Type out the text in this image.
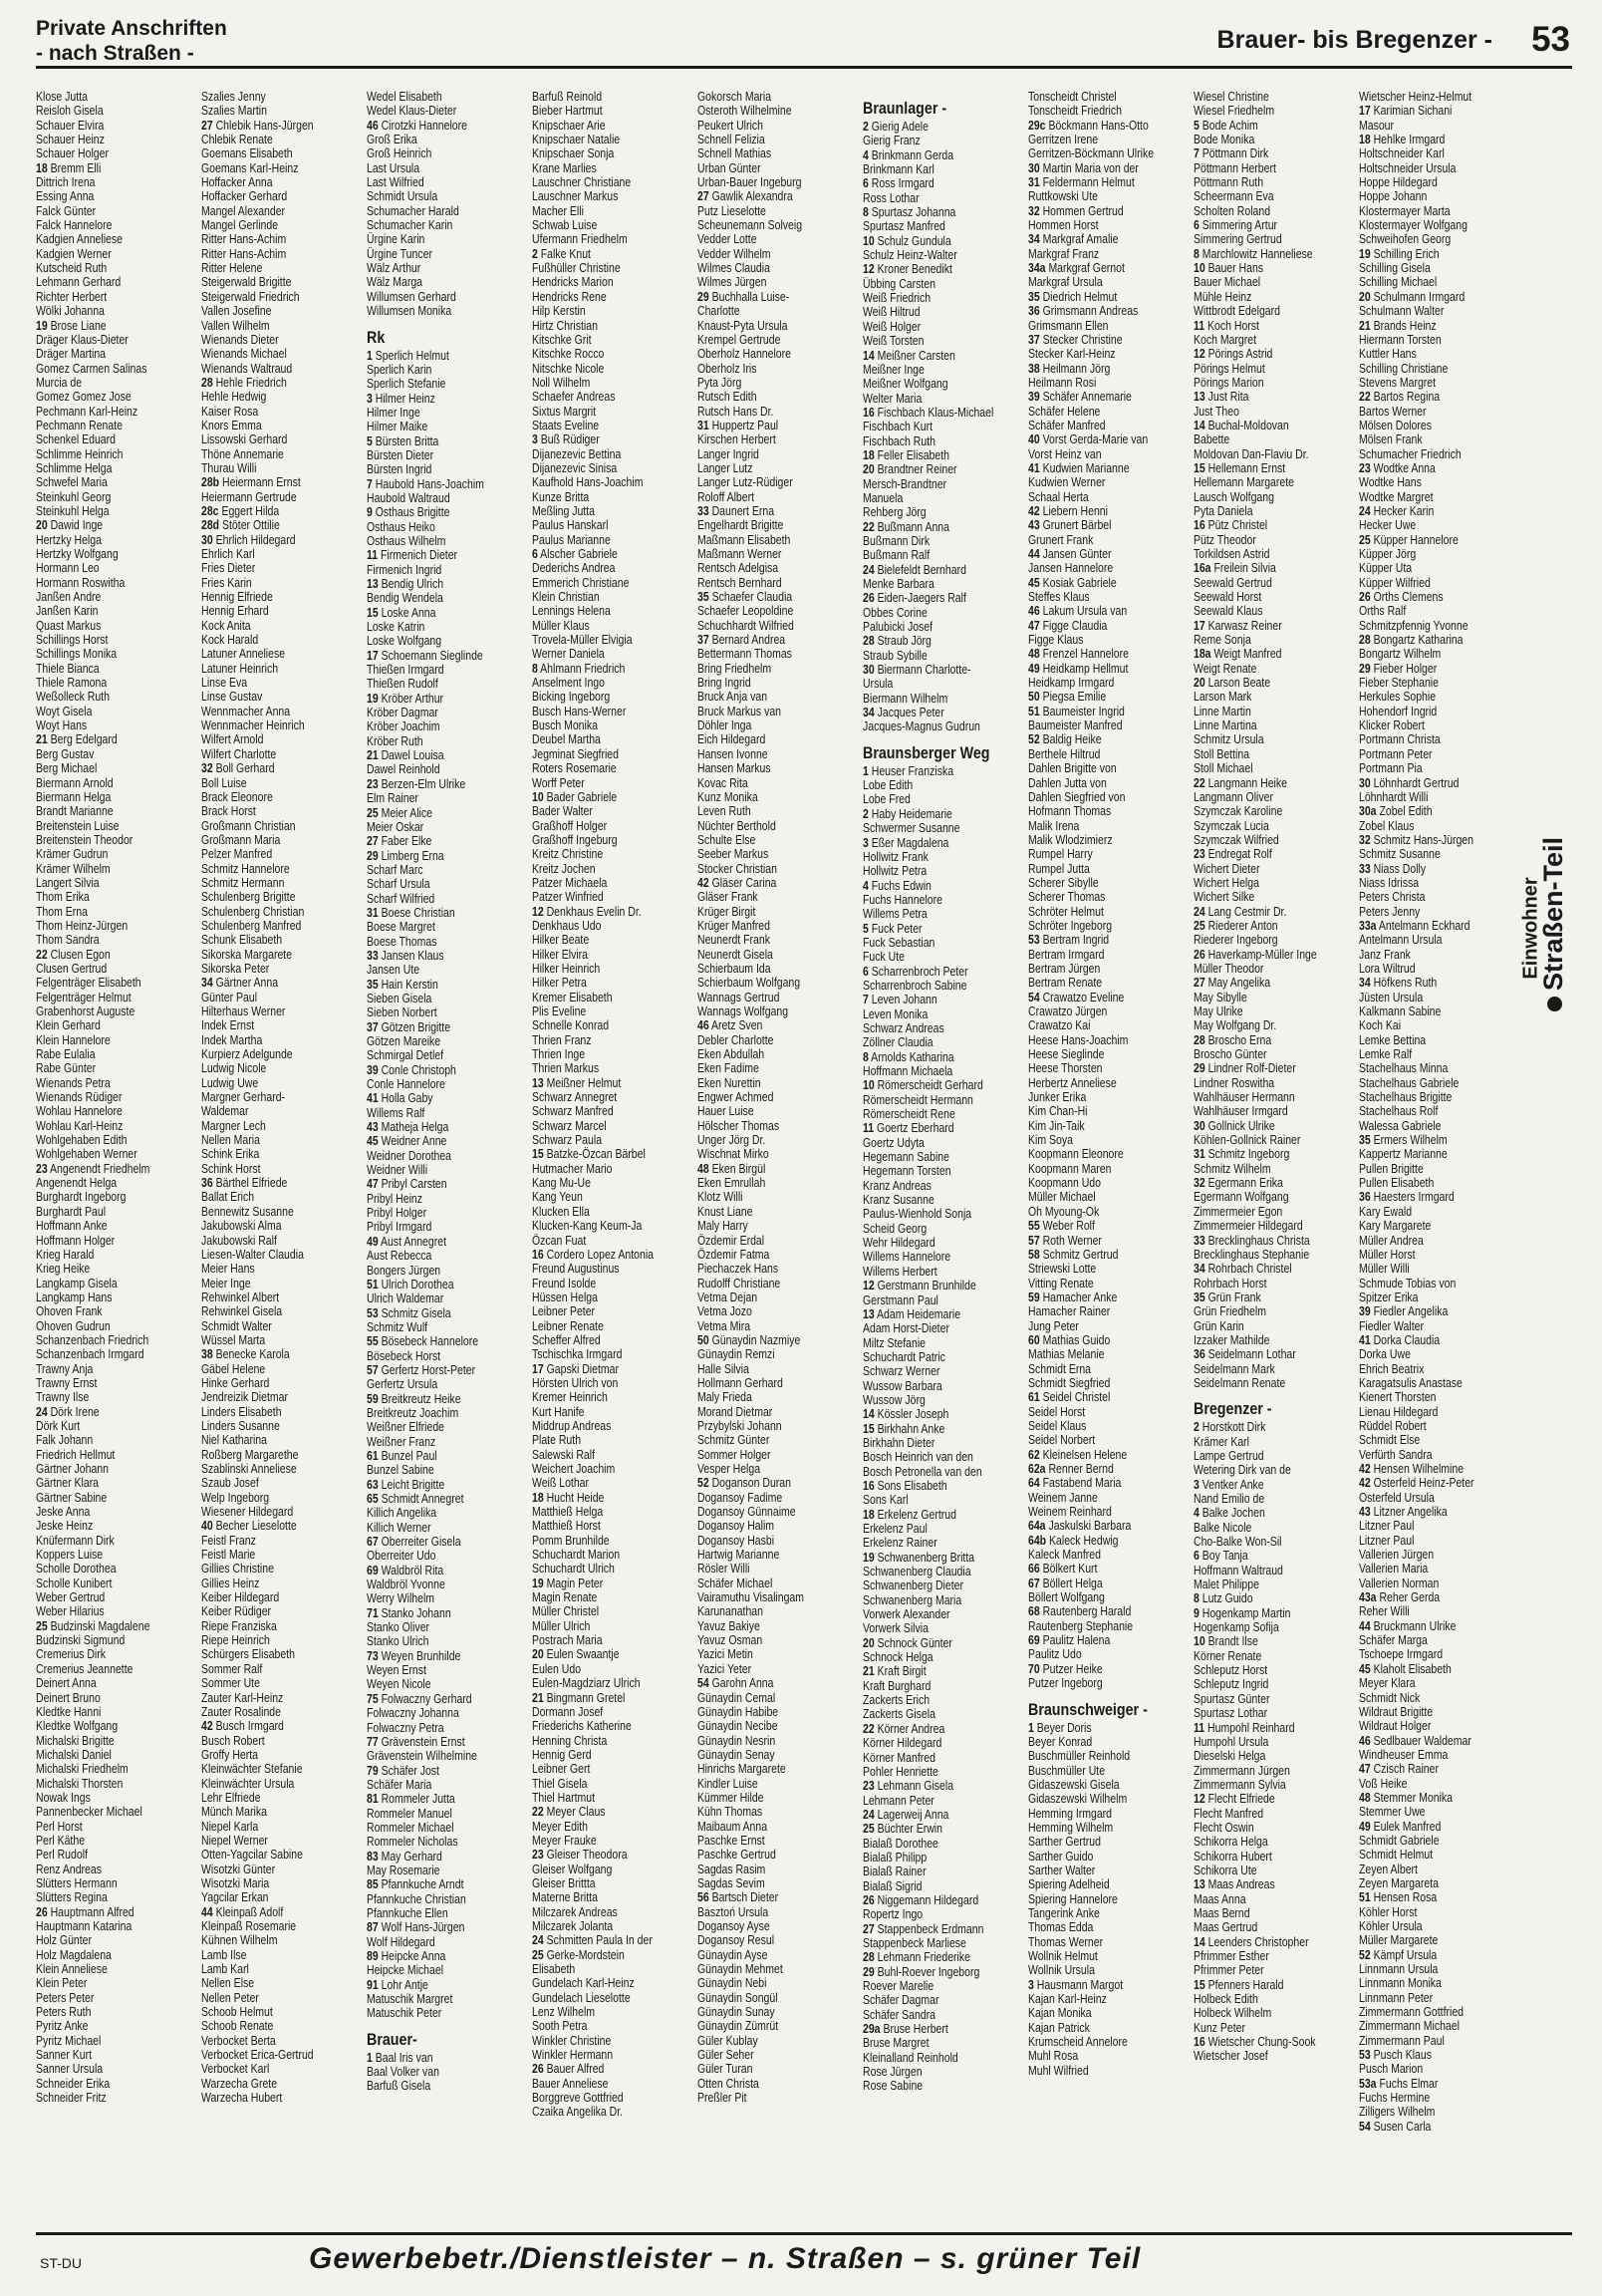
Private Anschriften
- nach Straßen -	Brauer- bis Bregenzer - 53
Klose Jutta
Reisloh Gisela
Schauer Elvira
Schauer Heinz
Schauer Holger
18 Bremm Elli
Dittrich Irena
Essing Anna
Falck Günter
Falck Hannelore
Kadgien Anneliese
Kadgien Werner
Kutscheid Ruth
Lehmann Gerhard
Richter Herbert
Wölki Johanna
19 Brose Liane
Dräger Klaus-Dieter
Dräger Martina
Gomez Carmen Salinas
Murcia de
Gomez Gomez Jose
Pechmann Karl-Heinz
Pechmann Renate
Schenkel Eduard
Schlimme Heinrich
Schlimme Helga
Schwefel Maria
Steinkuhl Georg
Steinkuhl Helga
20 Dawid Inge
Hertzky Helga
Hertzky Wolfgang
Hormann Leo
Hormann Roswitha
Janßen Andre
Janßen Karin
Quast Markus
Schillings Horst
Schillings Monika
Thiele Bianca
Thiele Ramona
Weßolleck Ruth
Woyt Gisela
Woyt Hans
21 Berg Edelgard
Berg Gustav
Berg Michael
Biermann Arnold
Biermann Helga
Brandt Marianne
Breitenstein Luise
Breitenstein Theodor
Krämer Gudrun
Krämer Wilhelm
Langert Silvia
Thom Erika
Thom Erna
Thom Heinz-Jürgen
Thom Sandra
22 Clusen Egon
Clusen Gertrud
Felgenträger Elisabeth
Felgenträger Helmut
Grabenhorst Auguste
Klein Gerhard
Klein Hannelore
Rabe Eulalia
Rabe Günter
Wienands Petra
Wienands Rüdiger
Wohlau Hannelore
Wohlau Karl-Heinz
Wohlgehaben Edith
Wohlgehaben Werner
23 Angenendt Friedhelm
Angenendt Helga
Burghardt Ingeborg
Burghardt Paul
Hoffmann Anke
Hoffmann Holger
Krieg Harald
Krieg Heike
Langkamp Gisela
Langkamp Hans
Ohoven Frank
Ohoven Gudrun
Schanzenbach Friedrich
Schanzenbach Irmgard
Trawny Anja
Trawny Ernst
Trawny Ilse
24 Dörk Irene
Dörk Kurt
Falk Johann
Friedrich Hellmut
Gärtner Johann
Gärtner Klara
Gärtner Sabine
Jeske Anna
Jeske Heinz
Knüfermann Dirk
Koppers Luise
Scholle Dorothea
Scholle Kunibert
Weber Gertrud
Weber Hilarius
25 Budzinski Magdalene
Budzinski Sigmund
Cremerius Dirk
Cremerius Jeannette
Deinert Anna
Deinert Bruno
Kledtke Hanni
Kledtke Wolfgang
Michalski Brigitte
Michalski Daniel
Michalski Friedhelm
Michalski Thorsten
Nowak Ings
Pannenbecker Michael
Perl Horst
Perl Käthe
Perl Rudolf
Renz Andreas
Slütters Hermann
Slütters Regina
26 Hauptmann Alfred
Hauptmann Katarina
Holz Günter
Holz Magdalena
Klein Anneliese
Klein Peter
Peters Peter
Peters Ruth
Pyritz Anke
Pyritz Michael
Sanner Kurt
Sanner Ursula
Schneider Erika
Schneider Fritz
Szalies Jenny
Szalies Martin
27 Chlebik Hans-Jürgen
Chlebik Renate
Goemans Elisabeth
Goemans Karl-Heinz
Hoffacker Anna
Hoffacker Gerhard
Mangel Alexander
Mangel Gerlinde
Ritter Hans-Achim
Ritter Hans-Achim
Ritter Helene
Steigerwald Brigitte
Steigerwald Friedrich
Vallen Josefine
Vallen Wilhelm
Wienands Dieter
Wienands Michael
Wienands Waltraud
28 Hehle Friedrich
Hehle Hedwig
Kaiser Rosa
Knors Emma
Lissowski Gerhard
Thöne Annemarie
Thurau Willi
28b Heiermann Ernst
Heiermann Gertrude
28c Eggert Hilda
28d Stöter Ottilie
30 Ehrlich Hildegard
Ehrlich Karl
Fries Dieter
Fries Karin
Hennig Elfriede
Hennig Erhard
Kock Anita
Kock Harald
Latuner Anneliese
Latuner Heinrich
Linse Eva
Linse Gustav
Wennmacher Anna
Wennmacher Heinrich
Wilfert Arnold
Wilfert Charlotte
32 Boll Gerhard
Boll Luise
Brack Eleonore
Brack Horst
Großmann Christian
Großmann Maria
Pelzer Manfred
Schmitz Hannelore
Schmitz Hermann
Schulenberg Brigitte
Schulenberg Christian
Schulenberg Manfred
Schunk Elisabeth
Sikorska Margarete
Sikorska Peter
34 Gärtner Anna
Günter Paul
Hilterhaus Werner
Indek Ernst
Indek Martha
Kurpierz Adelgunde
Ludwig Nicole
Ludwig Uwe
Margner Gerhard-
Waldemar
Margner Lech
Nellen Maria
Schink Erika
Schink Horst
36 Bärthel Elfriede
Ballat Erich
Bennewitz Susanne
Jakubowski Alma
Jakubowski Ralf
Liesen-Walter Claudia
Meier Hans
Meier Inge
Rehwinkel Albert
Rehwinkel Gisela
Schmidt Walter
Wüssel Marta
38 Benecke Karola
Gäbel Helene
Hinke Gerhard
Jendreizik Dietmar
Linders Elisabeth
Linders Susanne
Niel Katharina
Roßberg Margarethe
Szablinski Anneliese
Szaub Josef
Welp Ingeborg
Wiesener Hildegard
40 Becher Lieselotte
Feistl Franz
Feistl Marie
Gillies Christine
Gillies Heinz
Keiber Hildegard
Keiber Rüdiger
Riepe Franziska
Riepe Heinrich
Schürgers Elisabeth
Sommer Ralf
Sommer Ute
Zauter Karl-Heinz
Zauter Rosalinde
42 Busch Irmgard
Busch Robert
Groffy Herta
Kleinwächter Stefanie
Kleinwächter Ursula
Lehr Elfriede
Münch Marika
Niepel Karla
Niepel Werner
Otten-Yagcilar Sabine
Wisotzki Günter
Wisotzki Maria
Yagcilar Erkan
44 Kleinpaß Adolf
Kleinpaß Rosemarie
Kühnen Wilhelm
Lamb Ilse
Lamb Karl
Nellen Else
Nellen Peter
Schoob Helmut
Schoob Renate
Verbocket Berta
Verbocket Erica-Gertrud
Verbocket Karl
Warzecha Grete
Warzecha Hubert
Wedel Elisabeth
Wedel Klaus-Dieter
46 Cirotzki Hannelore
Groß Erika
Groß Heinrich
Last Ursula
Last Wilfried
Schmidt Ursula
Schumacher Harald
Schumacher Karin
Ürgine Karin
Ürgine Tuncer
Wälz Arthur
Wälz Marga
Willumsen Gerhard
Willumsen Monika
Rk
1 Sperlich Helmut
Sperlich Karin
Sperlich Stefanie
3 Hilmer Heinz
Hilmer Inge
Hilmer Maike
5 Bürsten Britta
Bürsten Dieter
Bürsten Ingrid
7 Haubold Hans-Joachim
Haubold Waltraud
9 Osthaus Brigitte
Osthaus Heiko
Osthaus Wilhelm
11 Firmenich Dieter
Firmenich Ingrid
13 Bendig Ulrich
Bendig Wendela
15 Loske Anna
Loske Katrin
Loske Wolfgang
17 Schoemann Sieglinde
Thießen Irmgard
Thießen Rudolf
19 Kröber Arthur
Kröber Dagmar
Kröber Joachim
Kröber Ruth
21 Dawel Louisa
Dawel Reinhold
23 Berzen-Elm Ulrike
Elm Rainer
25 Meier Alice
Meier Oskar
27 Faber Elke
29 Limberg Erna
Scharf Marc
Scharf Ursula
Scharf Wilfried
31 Boese Christian
Boese Margret
Boese Thomas
33 Jansen Klaus
Jansen Ute
35 Hain Kerstin
Sieben Gisela
Sieben Norbert
37 Götzen Brigitte
Götzen Mareike
Schmirgal Detlef
39 Conle Christoph
Conle Hannelore
41 Holla Gaby
Willems Ralf
43 Matheja Helga
45 Weidner Anne
Weidner Dorothea
Weidner Willi
47 Pribyl Carsten
Pribyl Heinz
Pribyl Holger
Pribyl Irmgard
49 Aust Annegret
Aust Rebecca
Bongers Jürgen
51 Ulrich Dorothea
Ulrich Waldemar
53 Schmitz Gisela
Schmitz Wulf
55 Bösebeck Hannelore
Bösebeck Horst
57 Gerfertz Horst-Peter
Gerfertz Ursula
59 Breitkreutz Heike
Breitkreutz Joachim
Weißner Elfriede
Weißner Franz
61 Bunzel Paul
Bunzel Sabine
63 Leicht Brigitte
65 Schmidt Annegret
Killich Angelika
Killich Werner
67 Oberreiter Gisela
Oberreiter Udo
69 Waldbröl Rita
Waldbröl Yvonne
Werry Wilhelm
71 Stanko Johann
Stanko Oliver
Stanko Ulrich
73 Weyen Brunhilde
Weyen Ernst
Weyen Nicole
75 Folwaczny Gerhard
Folwaczny Johanna
Folwaczny Petra
77 Grävenstein Ernst
Grävenstein Wilhelmine
79 Schäfer Jost
Schäfer Maria
81 Rommeler Jutta
Rommeler Manuel
Rommeler Michael
Rommeler Nicholas
83 May Gerhard
May Rosemarie
85 Pfannkuche Arndt
Pfannkuche Christian
Pfannkuche Ellen
87 Wolf Hans-Jürgen
Wolf Hildegard
89 Heipcke Anna
Heipcke Michael
91 Lohr Antje
Matuschik Margret
Matuschik Peter
Brauer-
1 Baal Iris van
Baal Volker van
Barfuß Gisela
Barfuß Reinold
Bieber Hartmut
Knipschaer Arie
Knipschaer Natalie
Knipschaer Sonja
Krane Marlies
Lauschner Christiane
Lauschner Markus
Macher Elli
Schwab Luise
Ufermann Friedhelm
2 Falke Knut
Fußhüller Christine
Hendricks Marion
Hendricks Rene
Hilp Kerstin
Hirtz Christian
Kitschke Grit
Kitschke Rocco
Nitschke Nicole
Noll Wilhelm
Schaefer Andreas
Sixtus Margrit
Staats Eveline
3 Buß Rüdiger
Dijanezevic Bettina
Dijanezevic Sinisa
Kaufhold Hans-Joachim
Kunze Britta
Meßling Jutta
Paulus Hanskarl
Paulus Marianne
6 Alscher Gabriele
Dederichs Andrea
Emmerich Christiane
Klein Christian
Lennings Helena
Müller Klaus
Trovela-Müller Elvigia
Werner Daniela
8 Ahlmann Friedrich
Anselment Ingo
Bicking Ingeborg
Busch Hans-Werner
Busch Monika
Deubel Martha
Jegminat Siegfried
Roters Rosemarie
Worff Peter
10 Bader Gabriele
Bader Walter
Graßhoff Holger
Graßhoff Ingeburg
Kreitz Christine
Kreitz Jochen
Patzer Michaela
Patzer Winfried
12 Denkhaus Evelin Dr.
Denkhaus Udo
Hilker Beate
Hilker Elvira
Hilker Heinrich
Hilker Petra
Kremer Elisabeth
Plis Eveline
Schnelle Konrad
Thrien Franz
Thrien Inge
Thrien Markus
13 Meißner Helmut
Schwarz Annegret
Schwarz Manfred
Schwarz Marcel
Schwarz Paula
15 Batzke-Özcan Bärbel
Hutmacher Mario
Kang Mu-Ue
Kang Yeun
Klucken Ella
Klucken-Kang Keum-Ja
Özcan Fuat
16 Cordero Lopez Antonia
Freund Augustinus
Freund Isolde
Hüssen Helga
Leibner Peter
Leibner Renate
Scheffer Alfred
Tschischka Irmgard
17 Gapski Dietmar
Hörsten Ulrich von
Kremer Heinrich
Kurt Hanife
Middrup Andreas
Plate Ruth
Salewski Ralf
Weichert Joachim
Weiß Lothar
18 Hucht Heide
Matthieß Helga
Matthieß Horst
Pomm Brunhilde
Schuchardt Marion
Schuchardt Ulrich
19 Magin Peter
Magin Renate
Müller Christel
Müller Ulrich
Postrach Maria
20 Eulen Swaantje
Eulen Udo
Eulen-Magdziarz Ulrich
21 Bingmann Gretel
Dormann Josef
Friederichs Katherine
Henning Christa
Hennig Gerd
Leibner Gert
Thiel Gisela
Thiel Hartmut
22 Meyer Claus
Meyer Edith
Meyer Frauke
23 Gleiser Theodora
Gleiser Wolfgang
Gleiser Brittta
Materne Britta
Milczarek Andreas
Milczarek Jolanta
24 Schmitten Paula In der
25 Gerke-Mordstein
Elisabeth
Gundelach Karl-Heinz
Gundelach Lieselotte
Lenz Wilhelm
Sooth Petra
Winkler Christine
Winkler Hermann
26 Bauer Alfred
Bauer Anneliese
Borggreve Gottfried
Czaika Angelika Dr.
Gokorsch Maria
Osteroth Wilhelmine
Peukert Ulrich
Schnell Felizia
Schnell Mathias
Urban Günter
Urban-Bauer Ingeburg
27 Gawlik Alexandra
Putz Lieselotte
Scheunemann Solveig
Vedder Lotte
Vedder Wilhelm
Wilmes Claudia
Wilmes Jürgen
29 Buchhalla Luise-
Charlotte
Knaust-Pyta Ursula
Krempel Gertrude
Oberholz Hannelore
Oberholz Iris
Pyta Jörg
Rutsch Edith
Rutsch Hans Dr.
31 Huppertz Paul
Kirschen Herbert
Langer Ingrid
Langer Lutz
Langer Lutz-Rüdiger
Roloff Albert
33 Daunert Erna
Engelhardt Brigitte
Maßmann Elisabeth
Maßmann Werner
Rentsch Adelgisa
Rentsch Bernhard
35 Schaefer Claudia
Schaefer Leopoldine
Schuchhardt Wilfried
37 Bernard Andrea
Bettermann Thomas
Bring Friedhelm
Bring Ingrid
Bruck Anja van
Bruck Markus van
Döhler Inga
Eich Hildegard
Hansen Ivonne
Hansen Markus
Kovac Rita
Kunz Monika
Leven Ruth
Nüchter Berthold
Schulte Else
Seeber Markus
Stocker Christian
42 Gläser Carina
Gläser Frank
Krüger Birgit
Krüger Manfred
Neunerdt Frank
Neunerdt Gisela
Schierbaum Ida
Schierbaum Wolfgang
Wannags Gertrud
Wannags Wolfgang
46 Aretz Sven
Debler Charlotte
Eken Abdullah
Eken Fadime
Eken Nurettin
Engwer Achmed
Hauer Luise
Hölscher Thomas
Unger Jörg Dr.
Wischnat Mirko
48 Eken Birgül
Eken Emrullah
Klotz Willi
Knust Liane
Maly Harry
Özdemir Erdal
Özdemir Fatma
Piechaczek Hans
Rudolff Christiane
Vetma Dejan
Vetma Jozo
Vetma Mira
50 Günaydin Nazmiye
Günaydin Remzi
Halle Silvia
Hollmann Gerhard
Maly Frieda
Morand Dietmar
Przybylski Johann
Schmitz Günter
Sommer Holger
Vesper Helga
52 Doganson Duran
Dogansoy Fadime
Dogansoy Günnaime
Dogansoy Halim
Dogansoy Hasbi
Hartwig Marianne
Rösler Willi
Schäfer Michael
Vairamuthu Visalingam
Karunanathan
Yavuz Bakiye
Yavuz Osman
Yazici Metin
Yazici Yeter
54 Garohn Anna
Günaydin Cemal
Günaydin Habibe
Günaydin Necibe
Günaydin Nesrin
Günaydin Senay
Hinrichs Margarete
Kindler Luise
Kümmer Hilde
Kühn Thomas
Maibaum Anna
Paschke Ernst
Paschke Gertrud
Sagdas Rasim
Sagdas Sevim
56 Bartsch Dieter
Basztoń Ursula
Dogansoy Ayse
Dogansoy Resul
Günaydin Ayse
Günaydin Mehmet
Günaydin Nebi
Günaydin Songül
Günaydin Sunay
Günaydin Zümrüt
Güler Kublay
Güler Seher
Güler Turan
Otten Christa
Preßler Pit
Braunlager -
2 Gierig Adele
Gierig Franz
4 Brinkmann Gerda
Brinkmann Karl
6 Ross Irmgard
Ross Lothar
8 Spurtasz Johanna
Spurtasz Manfred
10 Schulz Gundula
Schulz Heinz-Walter
12 Kroner Benedikt
Übbing Carsten
Weiß Friedrich
Weiß Hiltrud
Weiß Holger
Weiß Torsten
14 Meißner Carsten
Meißner Inge
Meißner Wolfgang
Welter Maria
16 Fischbach Klaus-Michael
Fischbach Kurt
Fischbach Ruth
18 Feller Elisabeth
20 Brandtner Reiner
Mersch-Brandtner
Manuela
Rehberg Jörg
22 Bußmann Anna
Bußmann Dirk
Bußmann Ralf
24 Bielefeldt Bernhard
Menke Barbara
26 Eiden-Jaegers Ralf
Obbes Corine
Palubicki Josef
28 Straub Jörg
Straub Sybille
30 Biermann Charlotte-
Ursula
Biermann Wilhelm
34 Jacques Peter
Jacques-Magnus Gudrun
Braunsberger Weg
1 Heuser Franziska
Lobe Edith
Lobe Fred
2 Haby Heidemarie
Schwermer Susanne
3 Eßer Magdalena
Hollwitz Frank
Hollwitz Petra
4 Fuchs Edwin
Fuchs Hannelore
Willems Petra
5 Fuck Peter
Fuck Sebastian
Fuck Ute
6 Scharrenbroch Peter
Scharrenbroch Sabine
7 Leven Johann
Leven Monika
Schwarz Andreas
Zöllner Claudia
8 Arnolds Katharina
Hoffmann Michaela
10 Römerscheidt Gerhard
Römerscheidt Hermann
Römerscheidt Rene
11 Goertz Eberhard
Goertz Udyta
Hegemann Sabine
Hegemann Torsten
Kranz Andreas
Kranz Susanne
Paulus-Wienhold Sonja
Scheid Georg
Wehr Hildegard
Willems Hannelore
Willems Herbert
12 Gerstmann Brunhilde
Gerstmann Paul
13 Adam Heidemarie
Adam Horst-Dieter
Miltz Stefanie
Schuchardt Patric
Schwarz Werner
Wussow Barbara
Wussow Jörg
14 Kössler Joseph
15 Birkhahn Anke
Birkhahn Dieter
Bosch Heinrich van den
Bosch Petronella van den
16 Sons Elisabeth
Sons Karl
18 Erkelenz Gertrud
Erkelenz Paul
Erkelenz Rainer
19 Schwanenberg Britta
Schwanenberg Claudia
Schwanenberg Dieter
Schwanenberg Maria
Vorwerk Alexander
Vorwerk Silvia
20 Schnock Günter
Schnock Helga
21 Kraft Birgit
Kraft Burghard
Zackerts Erich
Zackerts Gisela
22 Körner Andrea
Körner Hildegard
Körner Manfred
Pohler Henriette
23 Lehmann Gisela
Lehmann Peter
24 Lagerweij Anna
25 Büchter Erwin
Bialaß Dorothee
Bialaß Philipp
Bialaß Rainer
Bialaß Sigrid
26 Niggemann Hildegard
Ropertz Ingo
27 Stappenbeck Erdmann
Stappenbeck Marliese
28 Lehmann Friederike
29 Buhl-Roever Ingeborg
Roever Marelie
Schäfer Dagmar
Schäfer Sandra
29a Bruse Herbert
Bruse Margret
Kleinalland Reinhold
Rose Jürgen
Rose Sabine
Tonscheidt Christel
Tonscheidt Friedrich
29c Böckmann Hans-Otto
Gerritzen Irene
Gerritzen-Böckmann Ulrike
30 Martin Maria von der
31 Feldermann Helmut
Ruttkowski Ute
32 Hommen Gertrud
Hommen Horst
34 Markgraf Amalie
Markgraf Franz
34a Markgraf Gernot
Markgraf Ursula
35 Diedrich Helmut
36 Grimsmann Andreas
Grimsmann Ellen
37 Stecker Christine
Stecker Karl-Heinz
38 Heilmann Jörg
Heilmann Rosi
39 Schäfer Annemarie
Schäfer Helene
Schäfer Manfred
40 Vorst Gerda-Marie van
Vorst Heinz van
41 Kudwien Marianne
Kudwien Werner
Schaal Herta
42 Liebern Henni
43 Grunert Bärbel
Grunert Frank
44 Jansen Günter
Jansen Hannelore
45 Kosiak Gabriele
Steffes Klaus
46 Lakum Ursula van
47 Figge Claudia
Figge Klaus
48 Frenzel Hannelore
49 Heidkamp Hellmut
Heidkamp Irmgard
50 Piegsa Emilie
51 Baumeister Ingrid
Baumeister Manfred
52 Baldig Heike
Berthele Hiltrud
Dahlen Brigitte von
Dahlen Jutta von
Dahlen Siegfried von
Hofmann Thomas
Malik Irena
Malik Wlodzimierz
Rumpel Harry
Rumpel Jutta
Scherer Sibylle
Scherer Thomas
Schröter Helmut
Schröter Ingeborg
53 Bertram Ingrid
Bertram Irmgard
Bertram Jürgen
Bertram Renate
54 Crawatzo Eveline
Crawatzo Jürgen
Crawatzo Kai
Heese Hans-Joachim
Heese Sieglinde
Heese Thorsten
Herbertz Anneliese
Junker Erika
Kim Chan-Hi
Kim Jin-Taik
Kim Soya
Koopmann Eleonore
Koopmann Maren
Koopmann Udo
Müller Michael
Oh Myoung-Ok
55 Weber Rolf
57 Roth Werner
58 Schmitz Gertrud
Striewski Lotte
Vitting Renate
59 Hamacher Anke
Hamacher Rainer
Jung Peter
60 Mathias Guido
Mathias Melanie
Schmidt Erna
Schmidt Siegfried
61 Seidel Christel
Seidel Horst
Seidel Klaus
Seidel Norbert
62 Kleinelsen Helene
62a Renner Bernd
64 Fastabend Maria
Weinem Janne
Weinem Reinhard
64a Jaskulski Barbara
64b Kaleck Hedwig
Kaleck Manfred
66 Bölkert Kurt
67 Böllert Helga
Böllert Wolfgang
68 Rautenberg Harald
Rautenberg Stephanie
69 Paulitz Halena
Paulitz Udo
70 Putzer Heike
Putzer Ingeborg
Braunschweiger -
1 Beyer Doris
Beyer Konrad
Buschmüller Reinhold
Buschmüller Ute
Gidaszewski Gisela
Gidaszewski Wilhelm
Hemming Irmgard
Hemming Wilhelm
Sarther Gertrud
Sarther Guido
Sarther Walter
Spiering Adelheid
Spiering Hannelore
Tangerink Anke
Thomas Edda
Thomas Werner
Wollnik Helmut
Wollnik Ursula
3 Hausmann Margot
Kajan Karl-Heinz
Kajan Monika
Kajan Patrick
Krumscheid Annelore
Muhl Rosa
Muhl Wilfried
Wiesel Christine
Wiesel Friedhelm
5 Bode Achim
Bode Monika
7 Pöttmann Dirk
Pöttmann Herbert
Pöttmann Ruth
Scheermann Eva
Scholten Roland
6 Simmering Artur
Simmering Gertrud
8 Marchlowitz Hanneliese
10 Bauer Hans
Bauer Michael
Mühle Heinz
Wittbrodt Edelgard
11 Koch Horst
Koch Margret
12 Pörings Astrid
Pörings Helmut
Pörings Marion
13 Just Rita
Just Theo
14 Buchal-Moldovan
Babette
Moldovan Dan-Flaviu Dr.
15 Hellemann Ernst
Hellemann Margarete
Lausch Wolfgang
Pyta Daniela
16 Pütz Christel
Pütz Theodor
Torkildsen Astrid
16a Freilein Silvia
Seewald Gertrud
Seewald Horst
Seewald Klaus
17 Karwasz Reiner
Reme Sonja
18a Weigt Manfred
Weigt Renate
20 Larson Beate
Larson Mark
Linne Martin
Linne Martina
Schmitz Ursula
Stoll Bettina
Stoll Michael
22 Langmann Heike
Langmann Oliver
Szymczak Karoline
Szymczak Lucia
Szymczak Wilfried
23 Endregat Rolf
Wichert Dieter
Wichert Helga
Wichert Silke
24 Lang Cestmir Dr.
25 Riederer Anton
Riederer Ingeborg
26 Haverkamp-Müller Inge
Müller Theodor
27 May Angelika
May Sibylle
May Ulrike
May Wolfgang Dr.
28 Broscho Erna
Broscho Günter
29 Lindner Rolf-Dieter
Lindner Roswitha
Wahlhäuser Hermann
Wahlhäuser Irmgard
30 Gollnick Ulrike
Köhlen-Gollnick Rainer
31 Schmitz Ingeborg
Schmitz Wilhelm
32 Egermann Erika
Egermann Wolfgang
Zimmermeier Egon
Zimmermeier Hildegard
33 Brecklinghaus Christa
Brecklinghaus Stephanie
34 Rohrbach Christel
Rohrbach Horst
35 Grün Frank
Grün Friedhelm
Grün Karin
Izzaker Mathilde
36 Seidelmann Lothar
Seidelmann Mark
Seidelmann Renate
Bregenzer -
2 Horstkott Dirk
Krämer Karl
Lampe Gertrud
Wetering Dirk van de
3 Ventker Anke
Nand Emilio de
4 Balke Jochen
Balke Nicole
Cho-Balke Won-Sil
6 Boy Tanja
Hoffmann Waltraud
Malet Philippe
8 Lutz Guido
9 Hogenkamp Martin
Hogenkamp Sofija
10 Brandt Ilse
Körner Renate
Schleputz Horst
Schleputz Ingrid
Spurtasz Günter
Spurtasz Lothar
11 Humpohl Reinhard
Humpohl Ursula
Dieselski Helga
Zimmermann Jürgen
Zimmermann Sylvia
12 Flecht Elfriede
Flecht Manfred
Flecht Oswin
Schikorra Helga
Schikorra Hubert
Schikorra Ute
13 Maas Andreas
Maas Anna
Maas Bernd
Maas Gertrud
14 Leenders Christopher
Pfrimmer Esther
Pfrimmer Peter
15 Pfenners Harald
Holbeck Edith
Holbeck Wilhelm
Kunz Peter
16 Wietscher Chung-Sook
Wietscher Josef
Wietscher Heinz-Helmut
17 Karimian Sichani
Masour
18 Hehlke Irmgard
Holtschneider Karl
Holtschneider Ursula
Hoppe Hildegard
Hoppe Johann
Klostermayer Marta
Klostermayer Wolfgang
Schweihofen Georg
19 Schilling Erich
Schilling Gisela
Schilling Michael
20 Schulmann Irmgard
Schulmann Walter
21 Brands Heinz
Hiermann Torsten
Kuttler Hans
Schilling Christiane
Stevens Margret
22 Bartos Regina
Bartos Werner
Mölsen Dolores
Mölsen Frank
Schumacher Friedrich
23 Wodtke Anna
Wodtke Hans
Wodtke Margret
24 Hecker Karin
Hecker Uwe
25 Küpper Hannelore
Küpper Jörg
Küpper Uta
Küpper Wilfried
26 Orths Clemens
Orths Ralf
Schmitzpfennig Yvonne
28 Bongartz Katharina
Bongartz Wilhelm
29 Fieber Holger
Fieber Stephanie
Herkules Sophie
Hohendorf Ingrid
Klicker Robert
Portmann Christa
Portmann Peter
Portmann Pia
30 Löhnhardt Gertrud
Löhnhardt Willi
30a Zobel Edith
Zobel Klaus
32 Schmitz Hans-Jürgen
Schmitz Susanne
33 Niass Dolly
Niass Idrissa
Peters Christa
Peters Jenny
33a Antelmann Eckhard
Antelmann Ursula
Janz Frank
Lora Wiltrud
34 Höfkens Ruth
Jüsten Ursula
Kalkmann Sabine
Koch Kai
Lemke Bettina
Lemke Ralf
Stachelhaus Minna
Stachelhaus Gabriele
Stachelhaus Brigitte
Stachelhaus Rolf
Walessa Gabriele
35 Ermers Wilhelm
Kappertz Marianne
Pullen Brigitte
Pullen Elisabeth
36 Haesters Irmgard
Kary Ewald
Kary Margarete
Müller Andrea
Müller Horst
Müller Willi
Schmude Tobias von
Spitzer Erika
39 Fiedler Angelika
Fiedler Walter
41 Dorka Claudia
Dorka Uwe
Ehrich Beatrix
Karagatsulis Anastase
Kienert Thorsten
Lienau Hildegard
Rüddel Robert
Schmidt Else
Verfürth Sandra
42 Hensen Wilhelmine
42 Osterfeld Heinz-Peter
Osterfeld Ursula
43 Litzner Angelika
Litzner Paul
Litzner Paul
Vallerien Jürgen
Vallerien Maria
Vallerien Norman
43a Reher Gerda
Reher Willi
44 Bruckmann Ulrike
Schäfer Marga
Tschoepe Irmgard
45 Klaholt Elisabeth
Meyer Klara
Schmidt Nick
Wildraut Brigitte
Wildraut Holger
46 Sedlbauer Waldemar
Windheuser Emma
47 Czisch Rainer
Voß Heike
48 Stemmer Monika
Stemmer Uwe
49 Eulek Manfred
Schmidt Gabriele
Schmidt Helmut
Zeyen Albert
Zeyen Margareta
51 Hensen Rosa
Köhler Horst
Köhler Ursula
Müller Margarete
52 Kämpf Ursula
Linnmann Ursula
Linnmann Monika
Linnmann Peter
Zimmermann Gottfried
Zimmermann Michael
Zimmermann Paul
53 Pusch Klaus
Pusch Marion
53a Fuchs Elmar
Fuchs Hermine
Zilligers Wilhelm
54 Susen Carla
Einwohner
Straßen-Teil
ST-DU	Gewerbebetr./Dienstleister – n. Straßen – s. grüner Teil
